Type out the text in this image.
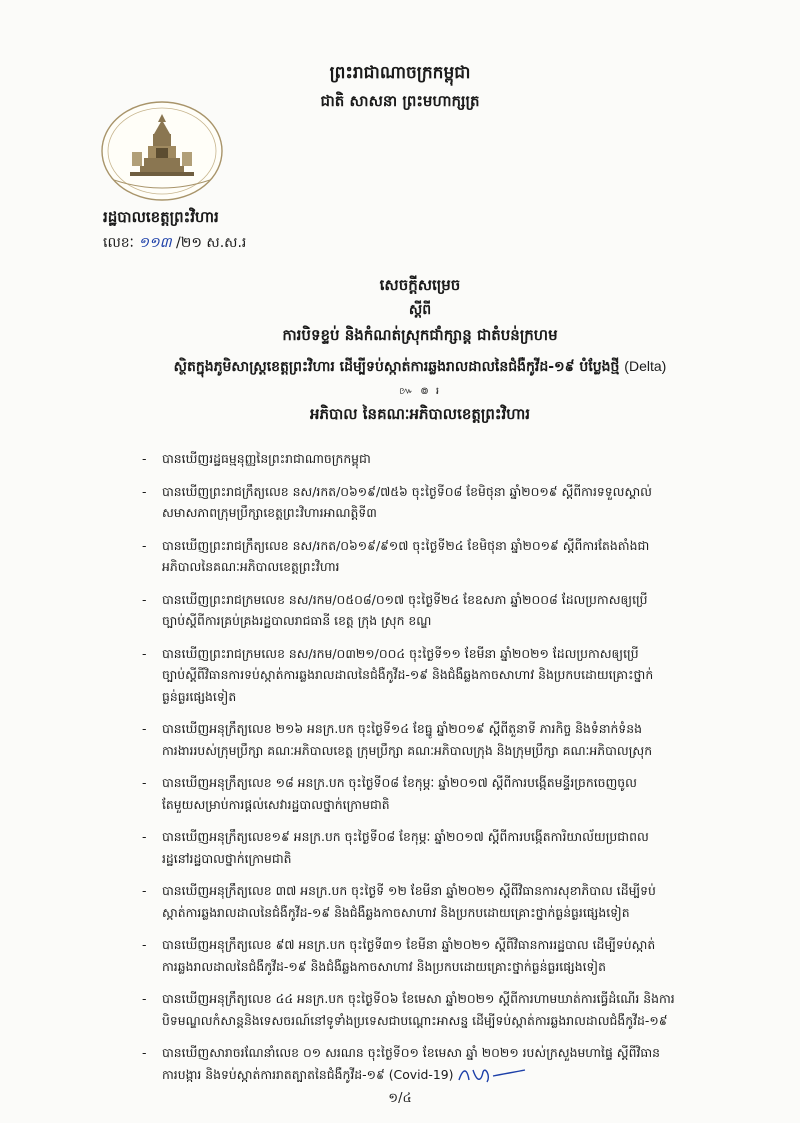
ព្រះរាជាណាចក្រកម្ពុជា
ជាតិ សាសនា ព្រះមហាក្សត្រ
រដ្ឋបាលខេត្តព្រះវិហារ
លេខៈ ១១៣ /២១ ស.ស.រ
សេចក្ដីសម្រេច
ស្ដីពី
ការបិទខ្ទប់ និងកំណត់ស្រុកជាំក្សាន្ត ជាតំបន់ក្រហម
ស្ថិតក្នុងភូមិសាស្ត្រខេត្តព្រះវិហារ ដើម្បីទប់ស្កាត់ការឆ្លងរាលដាលនៃជំងឺកូវីដ-១៩ បំប្លែងថ្មី (Delta)
៚ ៙ ៛
អភិបាល នៃគណៈអភិបាលខេត្តព្រះវិហារ
- បានឃើញរដ្ឋធម្មនុញ្ញនៃព្រះរាជាណាចក្រកម្ពុជា
- បានឃើញព្រះរាជក្រឹត្យលេខ នស/រកត/០៦១៩/៧៥៦ ចុះថ្ងៃទី០៨ ខែមិថុនា ឆ្នាំ២០១៩ ស្ដីពីការទទួលស្គាល់
សមាសភាពក្រុមប្រឹក្សាខេត្តព្រះវិហារអាណត្តិទី៣
- បានឃើញព្រះរាជក្រឹត្យលេខ នស/រកត/០៦១៩/៩១៧ ចុះថ្ងៃទី២៤ ខែមិថុនា ឆ្នាំ២០១៩ ស្ដីពីការតែងតាំងជា
អភិបាលនៃគណៈអភិបាលខេត្តព្រះវិហារ
- បានឃើញព្រះរាជក្រមលេខ នស/រកម/០៥០៨/០១៧ ចុះថ្ងៃទី២៤ ខែឧសភា ឆ្នាំ២០០៨ ដែលប្រកាសឲ្យប្រើ
ច្បាប់ស្ដីពីការគ្រប់គ្រងរដ្ឋបាលរាជធានី ខេត្ត ក្រុង ស្រុក ខណ្ឌ
- បានឃើញព្រះរាជក្រមលេខ នស/រកម/០៣២១/០០៤ ចុះថ្ងៃទី១១ ខែមីនា ឆ្នាំ២០២១ ដែលប្រកាសឲ្យប្រើ
ច្បាប់ស្ដីពីវិធានការទប់ស្កាត់ការឆ្លងរាលដាលនៃជំងឺកូវីដ-១៩ និងជំងឺឆ្លងកាចសាហាវ និងប្រកបដោយគ្រោះថ្នាក់
ធ្ងន់ធ្ងរផ្សេងទៀត
- បានឃើញអនុក្រឹត្យលេខ ២១៦ អនក្រ.បក ចុះថ្ងៃទី១៤ ខែធ្នូ ឆ្នាំ២០១៩ ស្ដីពីតួនាទី ភារកិច្ច និងទំនាក់ទំនង
ការងាររបស់ក្រុមប្រឹក្សា គណៈអភិបាលខេត្ត ក្រុមប្រឹក្សា គណៈអភិបាលក្រុង និងក្រុមប្រឹក្សា គណៈអភិបាលស្រុក
- បានឃើញអនុក្រឹត្យលេខ ១៨ អនក្រ.បក ចុះថ្ងៃទី០៨ ខែកុម្ភៈ ឆ្នាំ២០១៧ ស្ដីពីការបង្កើតមន្ទីរច្រកចេញចូល
តែមួយសម្រាប់ការផ្ដល់សេវារដ្ឋបាលថ្នាក់ក្រោមជាតិ
- បានឃើញអនុក្រឹត្យលេខ១៩ អនក្រ.បក ចុះថ្ងៃទី០៨ ខែកុម្ភៈ ឆ្នាំ២០១៧ ស្ដីពីការបង្កើតការិយាល័យប្រជាពល
រដ្ឋនៅរដ្ឋបាលថ្នាក់ក្រោមជាតិ
- បានឃើញអនុក្រឹត្យលេខ ៣៧ អនក្រ.បក ចុះថ្ងៃទី ១២ ខែមីនា ឆ្នាំ២០២១ ស្ដីពីវិធានការសុខាភិបាល ដើម្បីទប់
ស្កាត់ការឆ្លងរាលដាលនៃជំងឺកូវីដ-១៩ និងជំងឺឆ្លងកាចសាហាវ និងប្រកបដោយគ្រោះថ្នាក់ធ្ងន់ធ្ងរផ្សេងទៀត
- បានឃើញអនុក្រឹត្យលេខ ៩៧ អនក្រ.បក ចុះថ្ងៃទី៣១ ខែមីនា ឆ្នាំ២០២១ ស្ដីពីវិធានការរដ្ឋបាល ដើម្បីទប់ស្កាត់
ការឆ្លងរាលដាលនៃជំងឺកូវីដ-១៩ និងជំងឺឆ្លងកាចសាហាវ និងប្រកបដោយគ្រោះថ្នាក់ធ្ងន់ធ្ងរផ្សេងទៀត
- បានឃើញអនុក្រឹត្យលេខ ៤៤ អនក្រ.បក ចុះថ្ងៃទី០៦ ខែមេសា ឆ្នាំ២០២១ ស្ដីពីការហាមឃាត់ការធ្វើដំណើរ និងការ
បិទមណ្ឌលកំសាន្តនិងទេសចរណ៍នៅទូទាំងប្រទេសជាបណ្ដោះអាសន្ន ដើម្បីទប់ស្កាត់ការឆ្លងរាលដាលជំងឺកូវីដ-១៩
- បានឃើញសារាចរណែនាំលេខ ០១ សរណន ចុះថ្ងៃទី០១ ខែមេសា ឆ្នាំ ២០២១ របស់ក្រសួងមហាផ្ទៃ ស្ដីពីវិធាន
ការបង្ការ និងទប់ស្កាត់ការរាតត្បាតនៃជំងឺកូវីដ-១៩ (Covid-19)
១/៤
